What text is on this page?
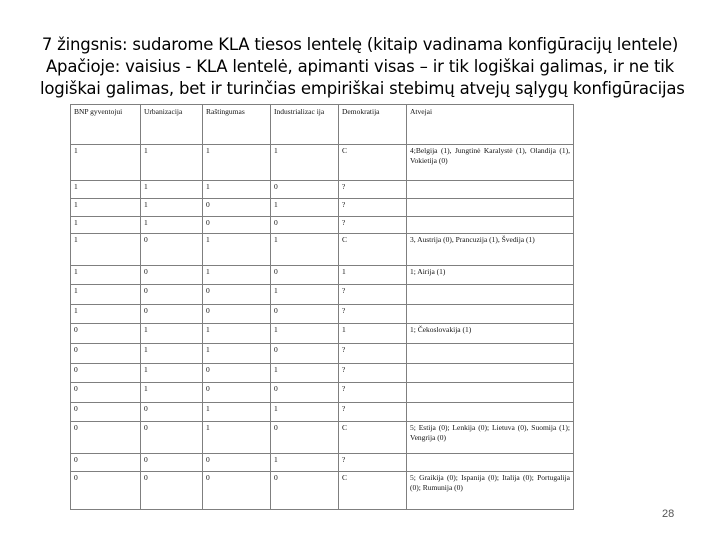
7 žingsnis: sudarome KLA tiesos lentelę (kitaip vadinama konfigūracijų lentele)
Apačioje: vaisius - KLA lentelė, apimanti visas – ir tik logiškai galimas, ir ne tik
logiškai galimas, bet ir turinčias empiriškai stebimų atvejų sąlygų konfigūracijas
BNP gyventojui	Urbanizacija	Raštingumas	Industrializac ija	Demokratija	Atvejai
1	1	1	1	C	4;Belgija (1), Jungtinė Karalystė (1), Olandija (1), Vokietija (0)
1	1	1	0	?	
1	1	0	1	?	
1	1	0	0	?	
1	0	1	1	C	3, Austrija (0), Prancuzija (1), Švedija (1)
1	0	1	0	1	1; Airija (1)
1	0	0	1	?	
1	0	0	0	?	
0	1	1	1	1	1; Čekoslovakija (1)
0	1	1	0	?	
0	1	0	1	?	
0	1	0	0	?	
0	0	1	1	?	
0	0	1	0	C	5; Estija (0); Lenkija (0); Lietuva (0), Suomija (1); Vengrija (0)
0	0	0	1	?	
0	0	0	0	C	5; Graikija (0); Ispanija (0); Italija (0); Portugalija (0); Rumunija (0)
28
